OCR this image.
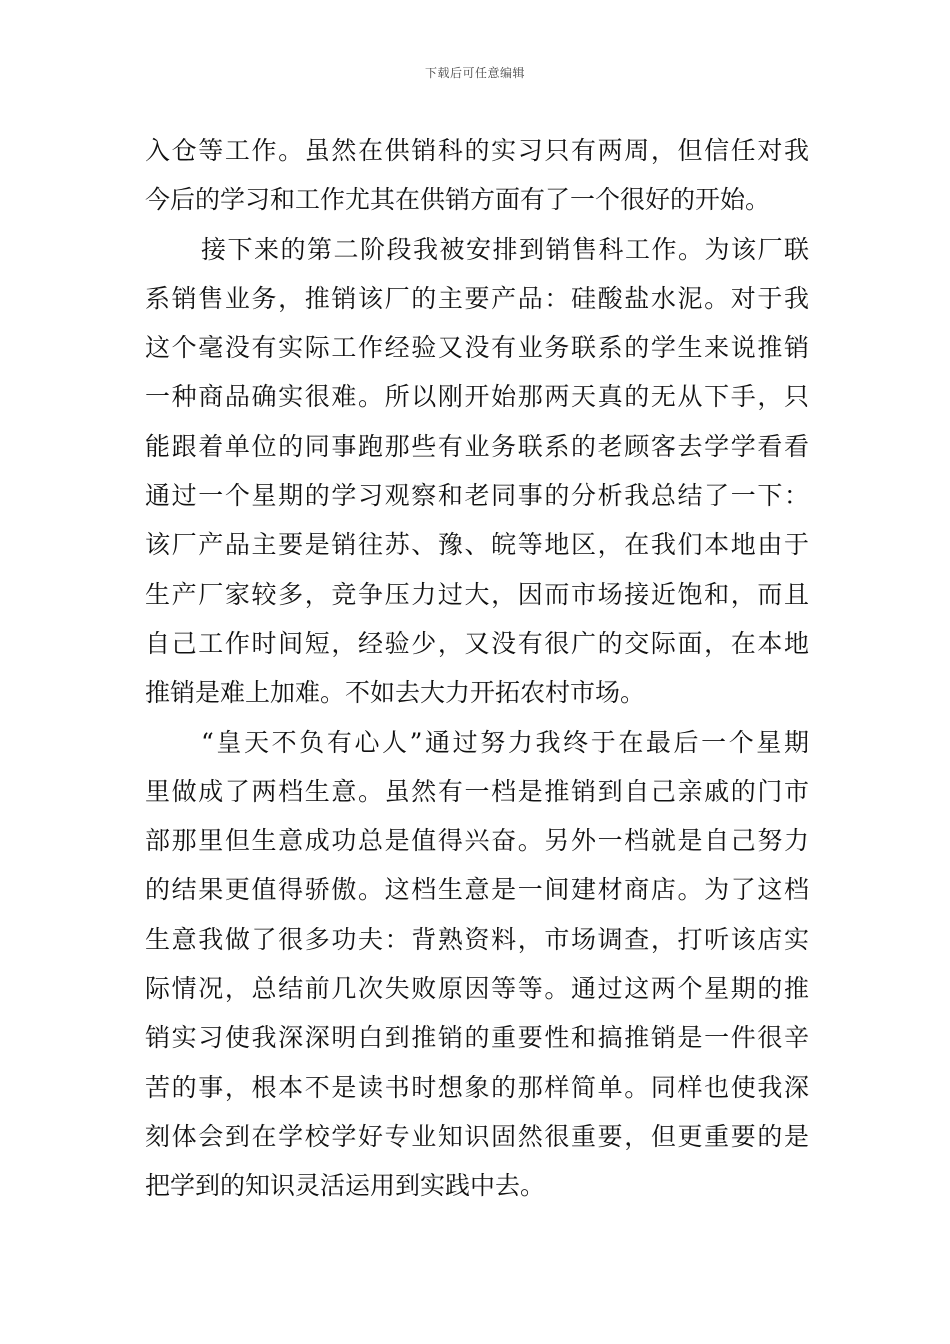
下载后可任意编辑
入仓等工作。虽然在供销科的实习只有两周，但信任对我
今后的学习和工作尤其在供销方面有了一个很好的开始。
接下来的第二阶段我被安排到销售科工作。为该厂联
系销售业务，推销该厂的主要产品：硅酸盐水泥。对于我
这个毫没有实际工作经验又没有业务联系的学生来说推销
一种商品确实很难。所以刚开始那两天真的无从下手，只
能跟着单位的同事跑那些有业务联系的老顾客去学学看看
通过一个星期的学习观察和老同事的分析我总结了一下：
该厂产品主要是销往苏、豫、皖等地区，在我们本地由于
生产厂家较多，竞争压力过大，因而市场接近饱和，而且
自己工作时间短，经验少，又没有很广的交际面，在本地
推销是难上加难。不如去大力开拓农村市场。
“皇天不负有心人”通过努力我终于在最后一个星期
里做成了两档生意。虽然有一档是推销到自己亲戚的门市
部那里但生意成功总是值得兴奋。另外一档就是自己努力
的结果更值得骄傲。这档生意是一间建材商店。为了这档
生意我做了很多功夫：背熟资料，市场调查，打听该店实
际情况，总结前几次失败原因等等。通过这两个星期的推
销实习使我深深明白到推销的重要性和搞推销是一件很辛
苦的事，根本不是读书时想象的那样简单。同样也使我深
刻体会到在学校学好专业知识固然很重要，但更重要的是
把学到的知识灵活运用到实践中去。
